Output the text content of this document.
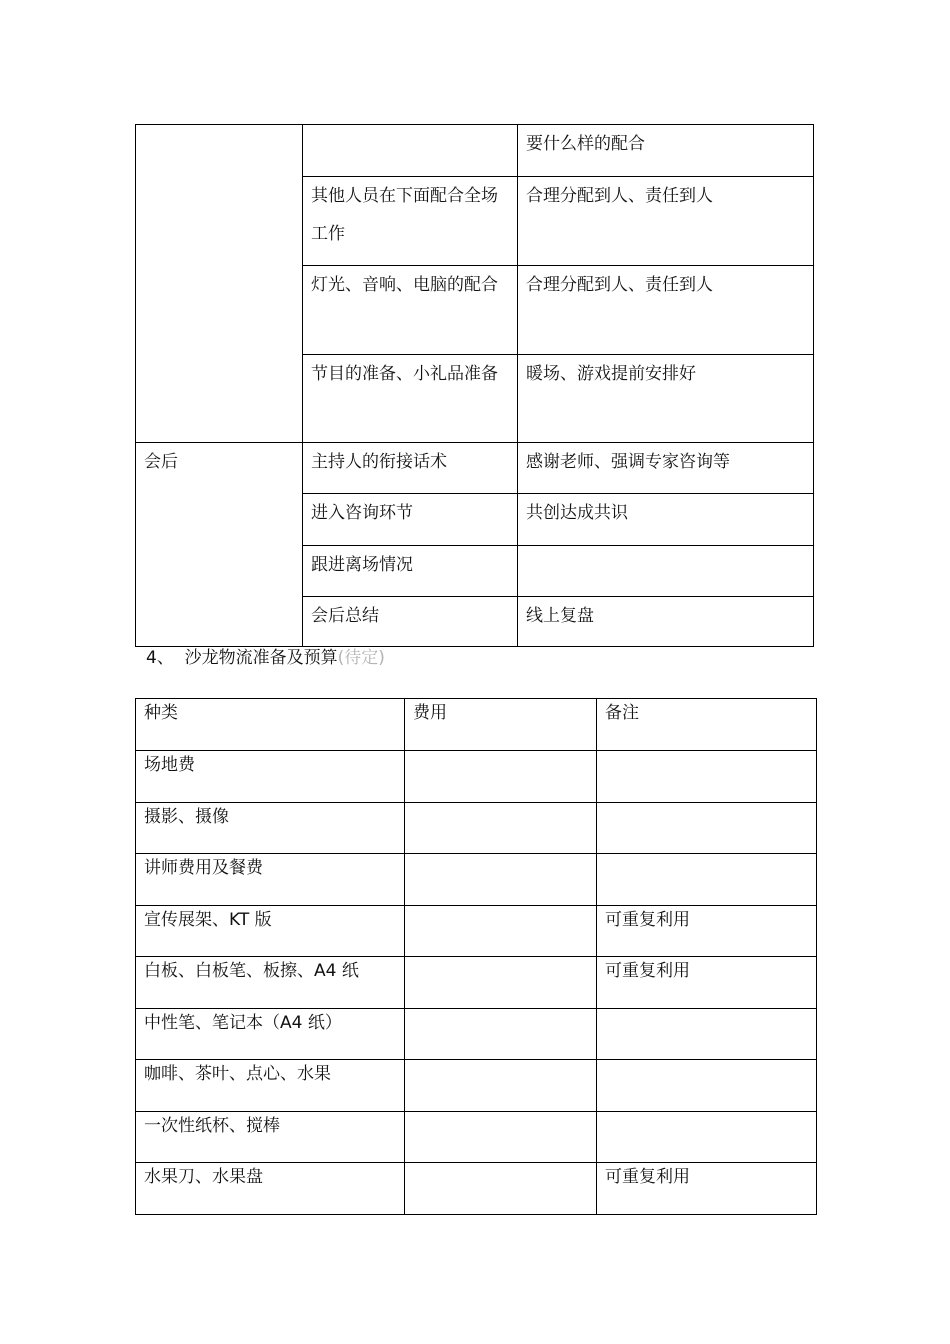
		要什么样的配合
	其他人员在下面配合全场工作	合理分配到人、责任到人
	灯光、音响、电脑的配合	合理分配到人、责任到人
	节目的准备、小礼品准备	暖场、游戏提前安排好
会后	主持人的衔接话术	感谢老师、强调专家咨询等
	进入咨询环节	共创达成共识
	跟进离场情况	
	会后总结	线上复盘
4、 沙龙物流准备及预算(待定)
种类	费用	备注
场地费		
摄影、摄像		
讲师费用及餐费		
宣传展架、KT 版		可重复利用
白板、白板笔、板擦、A4 纸		可重复利用
中性笔、笔记本（A4 纸）		
咖啡、茶叶、点心、水果		
一次性纸杯、搅棒		
水果刀、水果盘		可重复利用
